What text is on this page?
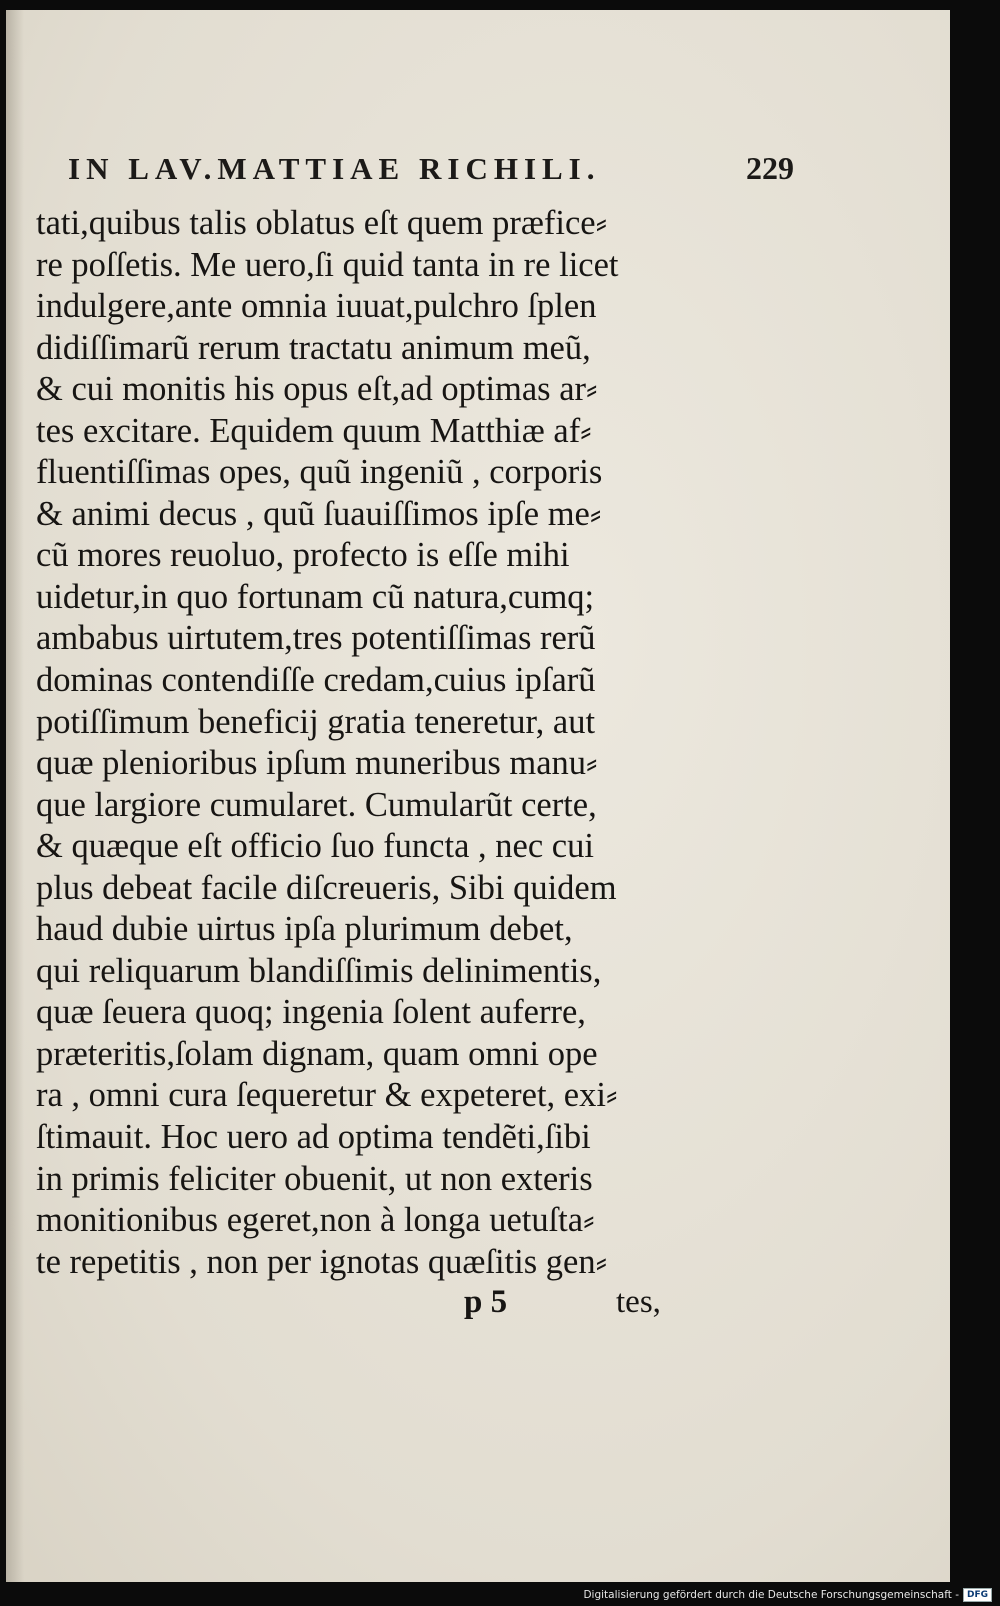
IN LAV.MATTIAE RICHILI.	229
tati,quibus talis oblatus eſt quem præfice⸗
re poſſetis. Me uero,ſi quid tanta in re licet
indulgere,ante omnia iuuat,pulchro ſplen
didiſſimarũ rerum tractatu animum meũ,
& cui monitis his opus eſt,ad optimas ar⸗
tes excitare. Equidem quum Matthiæ af⸗
fluentiſſimas opes, quũ ingeniũ , corporis
& animi decus , quũ ſuauiſſimos ipſe me⸗
cũ mores reuoluo, profecto is eſſe mihi
uidetur,in quo fortunam cũ natura,cumq;
ambabus uirtutem,tres potentiſſimas rerũ
dominas contendiſſe credam,cuius ipſarũ
potiſſimum beneficij gratia teneretur, aut
quæ plenioribus ipſum muneribus manu⸗
que largiore cumularet. Cumularũt certe,
& quæque eſt officio ſuo functa , nec cui
plus debeat facile diſcreueris, Sibi quidem
haud dubie uirtus ipſa plurimum debet,
qui reliquarum blandiſſimis delinimentis,
quæ ſeuera quoq; ingenia ſolent auferre,
præteritis,ſolam dignam, quam omni ope
ra , omni cura ſequeretur & expeteret, exi⸗
ſtimauit. Hoc uero ad optima tendẽti,ſibi
in primis feliciter obuenit, ut non exteris
monitionibus egeret,non à longa uetuſta⸗
te repetitis , non per ignotas quæſitis gen⸗
p 5	tes,
Digitalisierung gefördert durch die Deutsche Forschungsgemeinschaft - DFG
